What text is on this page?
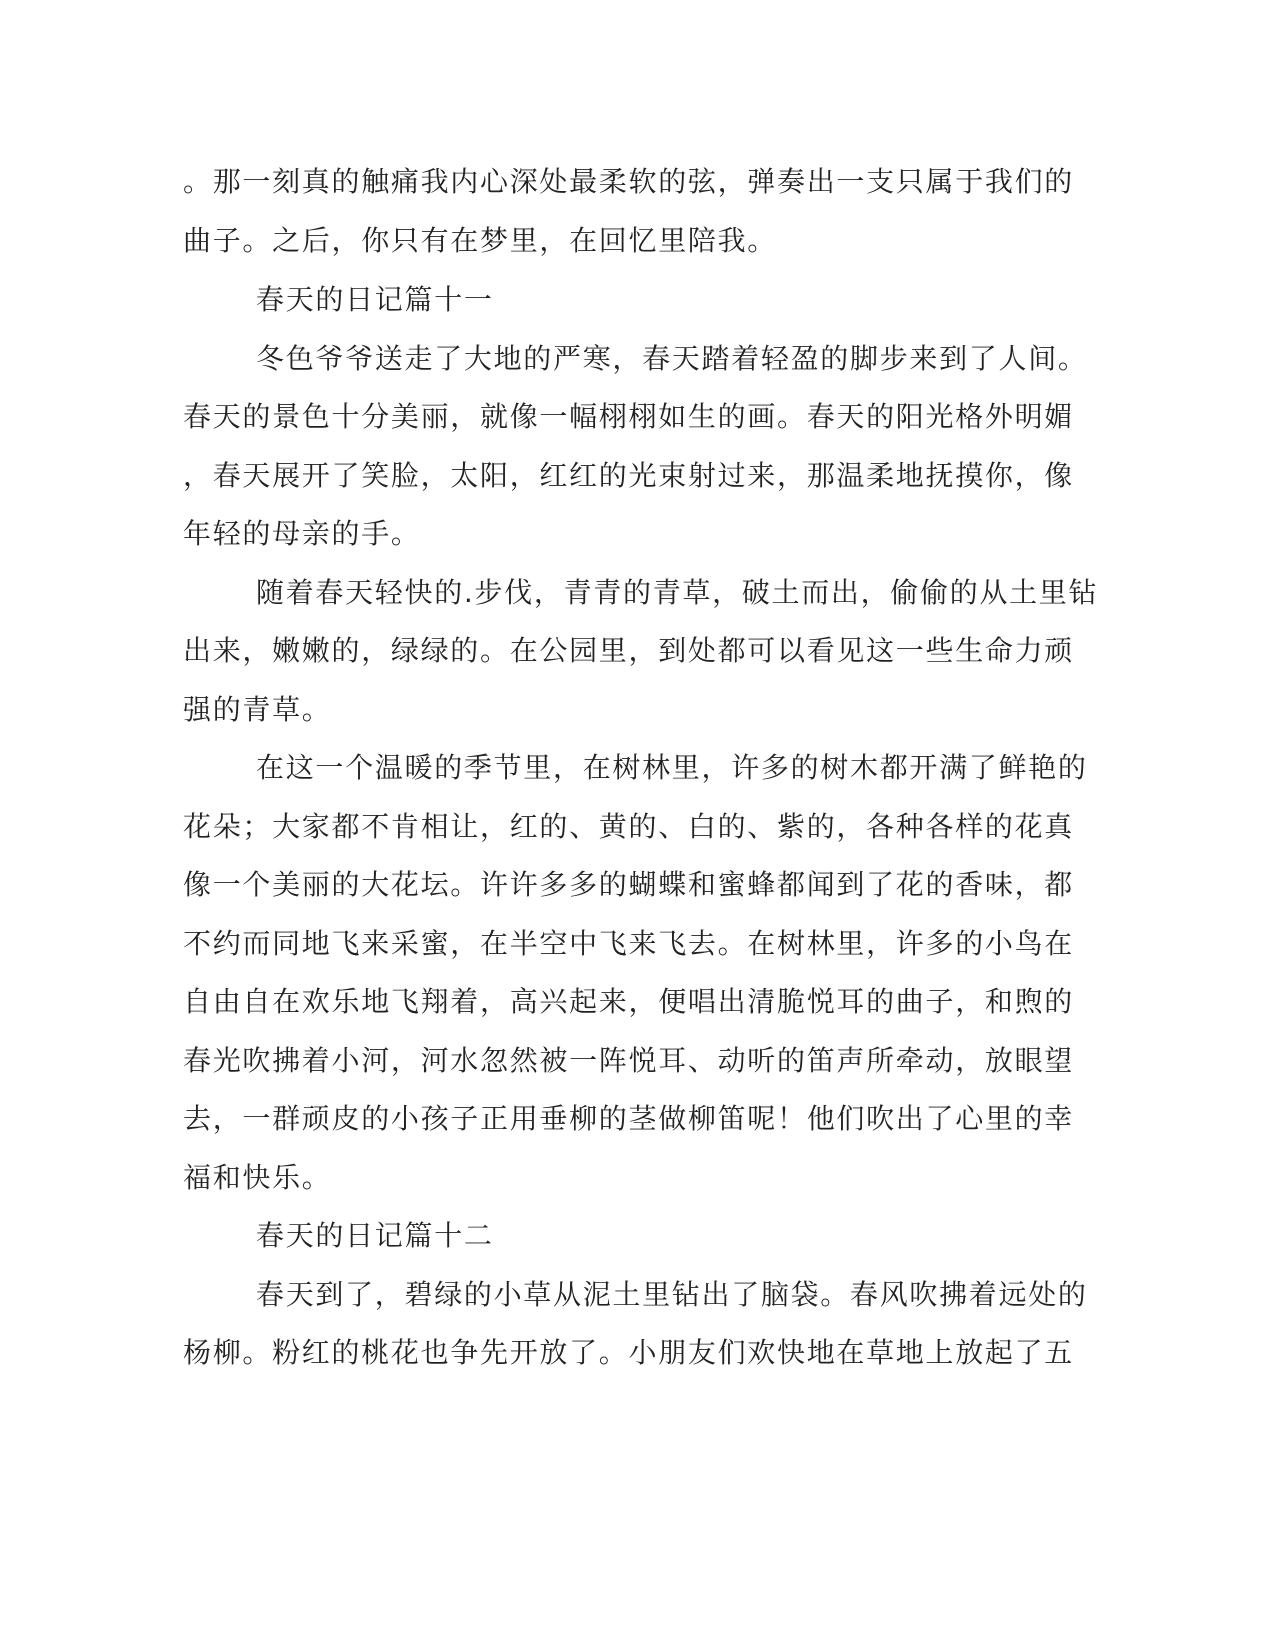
。那一刻真的触痛我内心深处最柔软的弦，弹奏出一支只属于我们的
曲子。之后，你只有在梦里，在回忆里陪我。
春天的日记篇十一
冬色爷爷送走了大地的严寒，春天踏着轻盈的脚步来到了人间。
春天的景色十分美丽，就像一幅栩栩如生的画。春天的阳光格外明媚
，春天展开了笑脸，太阳，红红的光束射过来，那温柔地抚摸你，像
年轻的母亲的手。
随着春天轻快的.步伐，青青的青草，破土而出，偷偷的从土里钻
出来，嫩嫩的，绿绿的。在公园里，到处都可以看见这一些生命力顽
强的青草。
在这一个温暖的季节里，在树林里，许多的树木都开满了鲜艳的
花朵；大家都不肯相让，红的、黄的、白的、紫的，各种各样的花真
像一个美丽的大花坛。许许多多的蝴蝶和蜜蜂都闻到了花的香味，都
不约而同地飞来采蜜，在半空中飞来飞去。在树林里，许多的小鸟在
自由自在欢乐地飞翔着，高兴起来，便唱出清脆悦耳的曲子，和煦的
春光吹拂着小河，河水忽然被一阵悦耳、动听的笛声所牵动，放眼望
去，一群顽皮的小孩子正用垂柳的茎做柳笛呢！他们吹出了心里的幸
福和快乐。
春天的日记篇十二
春天到了，碧绿的小草从泥土里钻出了脑袋。春风吹拂着远处的
杨柳。粉红的桃花也争先开放了。小朋友们欢快地在草地上放起了五
